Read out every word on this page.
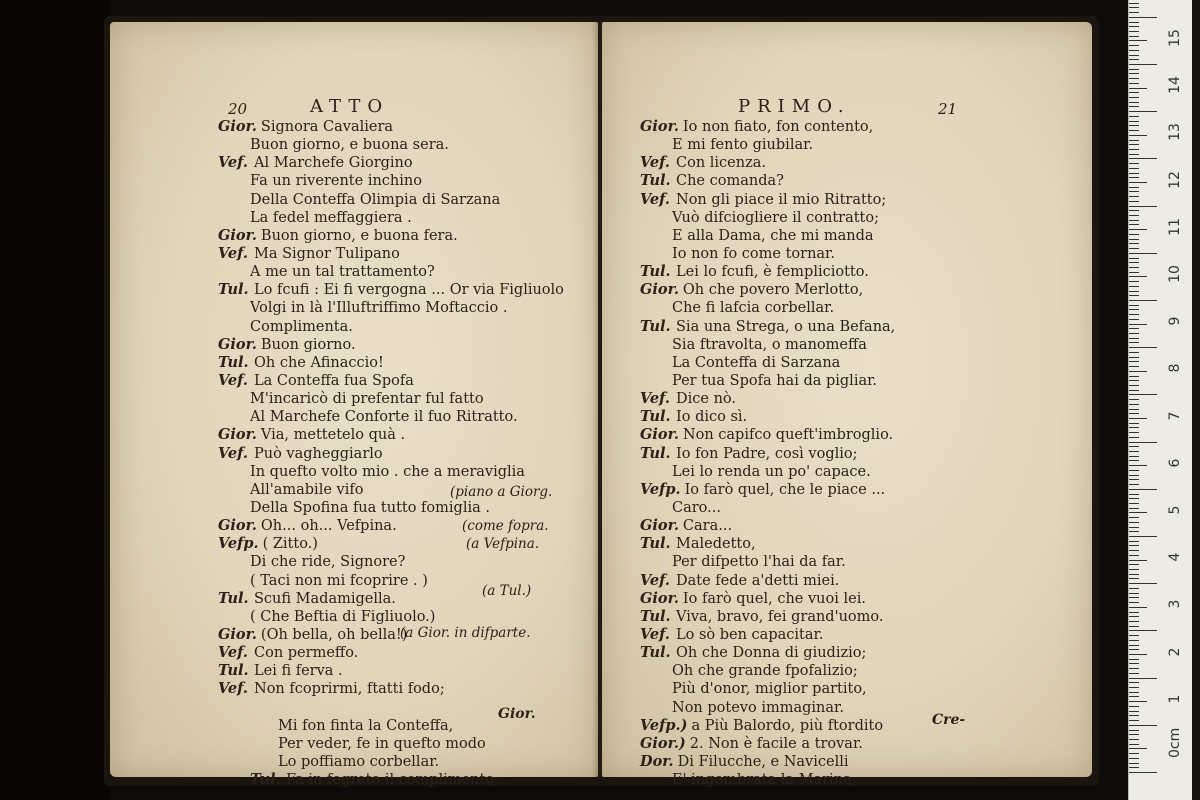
20	ATTO
Gior. Signora Cavaliera
Buon giorno, e buona sera.
Vef. Al Marchefe Giorgino
Fa un riverente inchino
Della Conteffa Olimpia di Sarzana
La fedel meffaggiera .
Gior. Buon giorno, e buona fera.
Vef. Ma Signor Tulipano
A me un tal trattamento?
Tul. Lo fcufi : Ei fi vergogna ... Or via Figliuolo
Volgi in là l'Illuftriffimo Moftaccio .
Complimenta.
Gior. Buon giorno.
Tul. Oh che Afinaccio!
Vef. La Conteffa fua Spofa
M'incaricò di prefentar ful fatto
Al Marchefe Conforte il fuo Ritratto.
Gior. Via, mettetelo quà .
Vef. Può vagheggiarlo
In quefto volto mio . che a meraviglia
All'amabile vifo
Della Spofina fua tutto fomiglia .
Gior. Oh... oh... Vefpina.
Vefp. ( Zitto.)
Di che ride, Signore?
( Taci non mi fcoprire . )
Tul. Scufi Madamigella.
( Che Beftia di Figliuolo.)
Gior. (Oh bella, oh bella!)
Vef. Con permeffo.
Tul. Lei fi ferva .
Vef. Non fcoprirmi, ftatti fodo;
Mi fon finta la Conteffa,
Per veder, fe in quefto modo
Lo poffiamo corbellar.
Tul. Fa in fegreto il complimento,
(piano a Giorg.
(come fopra.
(a Vefpina.
(a Tul.)
(a Gior. in difparte.
Gior.
PRIMO.	21
Gior. Io non fiato, fon contento,
E mi fento giubilar.
Vef. Con licenza.
Tul. Che comanda?
Vef. Non gli piace il mio Ritratto;
Vuò difciogliere il contratto;
E alla Dama, che mi manda
Io non fo come tornar.
Tul. Lei lo fcufi, è fempliciotto.
Gior. Oh che povero Merlotto,
Che fi lafcia corbellar.
Tul. Sia una Strega, o una Befana,
Sia ftravolta, o manomeffa
La Conteffa di Sarzana
Per tua Spofa hai da pigliar.
Vef. Dice nò.
Tul. Io dico sì.
Gior. Non capifco queft'imbroglio.
Tul. Io fon Padre, così voglio;
Lei lo renda un po' capace.
Vefp. Io farò quel, che le piace ...
Caro...
Gior. Cara...
Tul. Maledetto,
Per difpetto l'hai da far.
Vef. Date fede a'detti miei.
Gior. Io farò quel, che vuoi lei.
Tul. Viva, bravo, fei grand'uomo.
Vef. Lo sò ben capacitar.
Tul. Oh che Donna di giudizio;
Oh che grande fpofalizio;
Più d'onor, miglior partito,
Non potevo immaginar.
Vefp.) a Più Balordo, più ftordito
Gior.) 2. Non è facile a trovar.
Dor. Di Filucche, e Navicelli
E' ingombrata la Marina;
Cre-
15
14
13
12
11
10
9
8
7
6
5
4
3
2
1
0cm
